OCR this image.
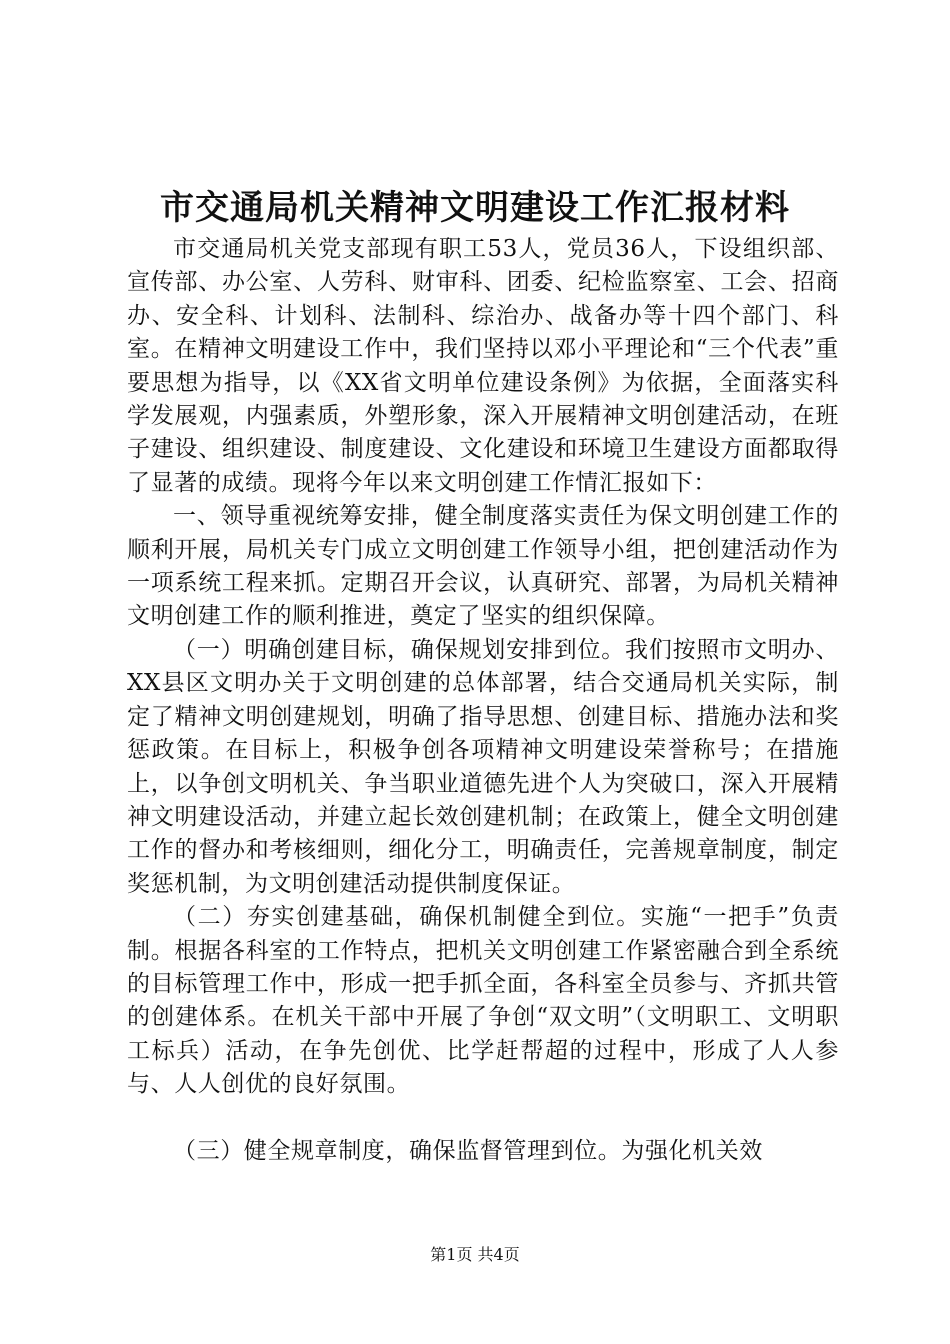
市交通局机关精神文明建设工作汇报材料

市交通局机关党支部现有职工53人，党员36人，下设组织部、宣传部、办公室、人劳科、财审科、团委、纪检监察室、工会、招商办、安全科、计划科、法制科、综治办、战备办等十四个部门、科室。在精神文明建设工作中，我们坚持以邓小平理论和“三个代表”重要思想为指导，以《XX省文明单位建设条例》为依据，全面落实科学发展观，内强素质，外塑形象，深入开展精神文明创建活动，在班子建设、组织建设、制度建设、文化建设和环境卫生建设方面都取得了显著的成绩。现将今年以来文明创建工作情汇报如下：

一、领导重视统筹安排，健全制度落实责任为保文明创建工作的顺利开展，局机关专门成立文明创建工作领导小组，把创建活动作为一项系统工程来抓。定期召开会议，认真研究、部署，为局机关精神文明创建工作的顺利推进，奠定了坚实的组织保障。

（一）明确创建目标，确保规划安排到位。我们按照市文明办、XX县区文明办关于文明创建的总体部署，结合交通局机关实际，制定了精神文明创建规划，明确了指导思想、创建目标、措施办法和奖惩政策。在目标上，积极争创各项精神文明建设荣誉称号；在措施上，以争创文明机关、争当职业道德先进个人为突破口，深入开展精神文明建设活动，并建立起长效创建机制；在政策上，健全文明创建工作的督办和考核细则，细化分工，明确责任，完善规章制度，制定奖惩机制，为文明创建活动提供制度保证。

（二）夯实创建基础，确保机制健全到位。实施“一把手”负责制。根据各科室的工作特点，把机关文明创建工作紧密融合到全系统的目标管理工作中，形成一把手抓全面，各科室全员参与、齐抓共管的创建体系。在机关干部中开展了争创“双文明”（文明职工、文明职工标兵）活动，在争先创优、比学赶帮超的过程中，形成了人人参与、人人创优的良好氛围。

（三）健全规章制度，确保监督管理到位。为强化机关效

第1页 共4页
